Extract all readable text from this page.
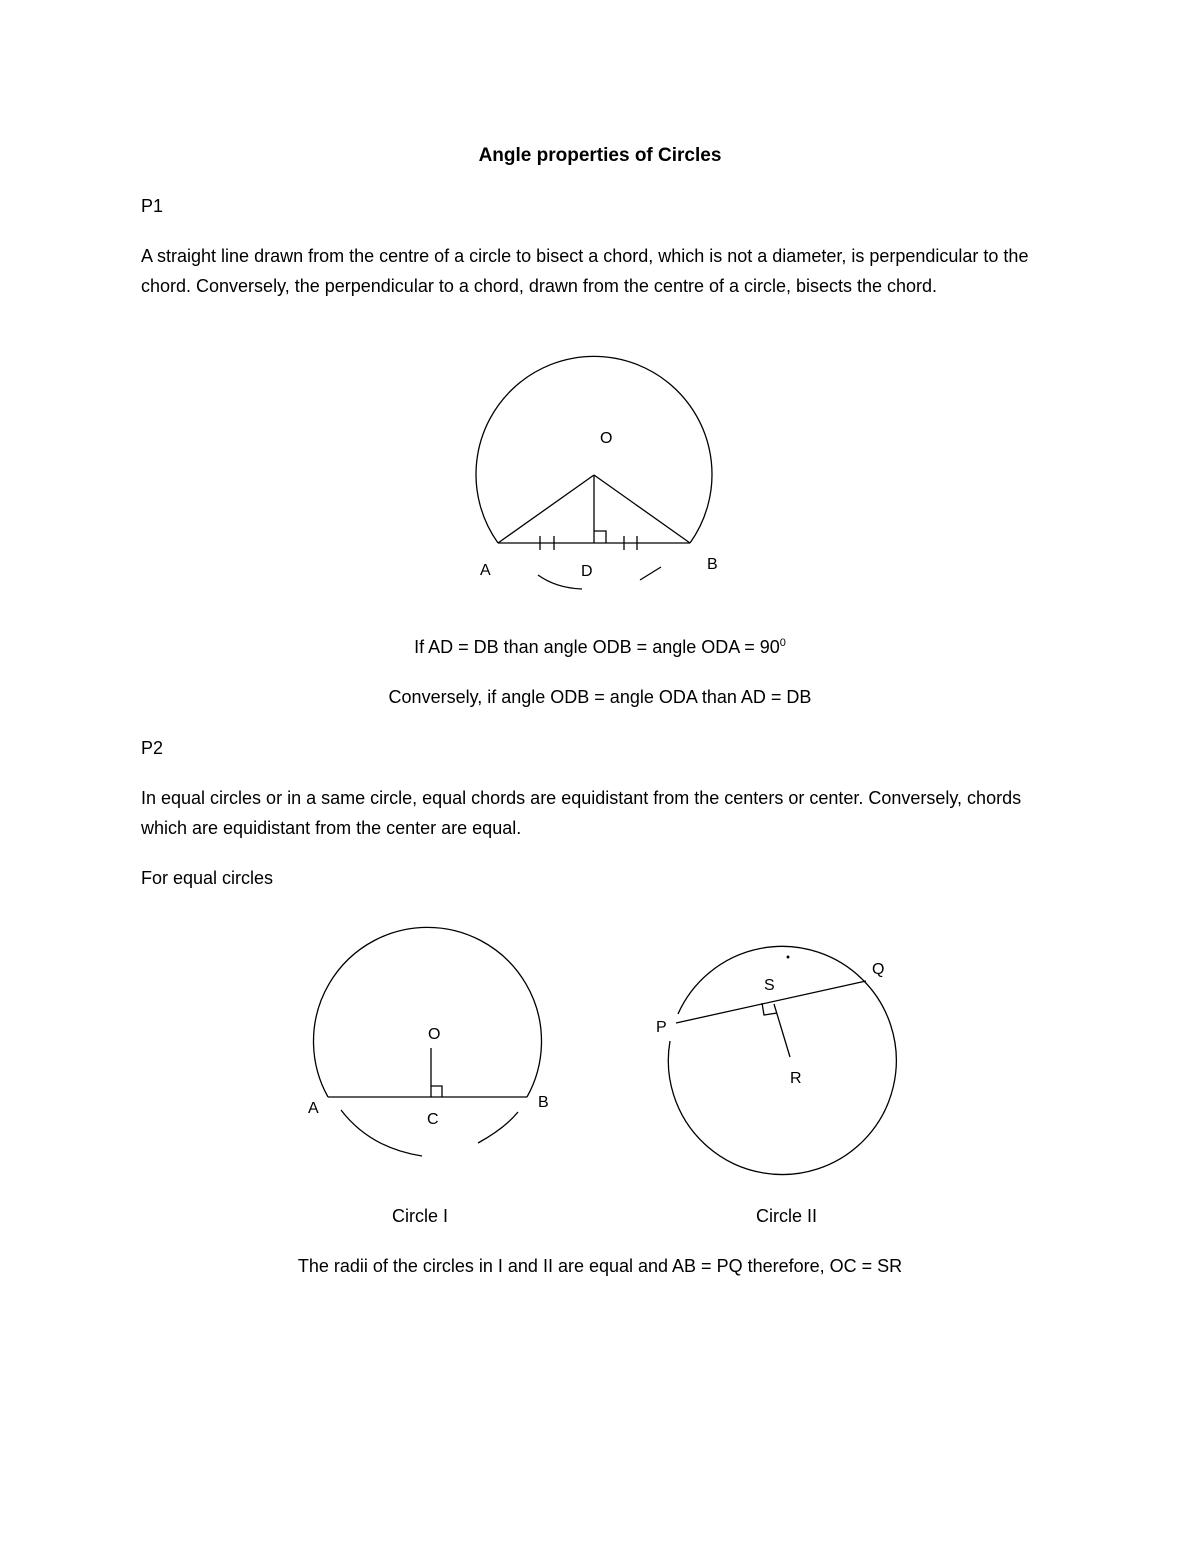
Angle properties of Circles
P1
A straight line drawn from the centre of a circle to bisect a chord, which is not a diameter, is perpendicular to the chord. Conversely, the perpendicular to a chord, drawn from the centre of a circle, bisects the chord.
O
A	D	B
O
A
C
B
S
Q
P
R
If AD = DB than angle ODB = angle ODA = $90^0$
Conversely, if angle ODB = angle ODA than AD = DB
P2
In equal circles or in a same circle, equal chords are equidistant from the centers or center. Conversely, chords which are equidistant from the center are equal.
For equal circles
Circle I	Circle II
The radii of the circles in I and II are equal and AB = PQ therefore, OC = SR
